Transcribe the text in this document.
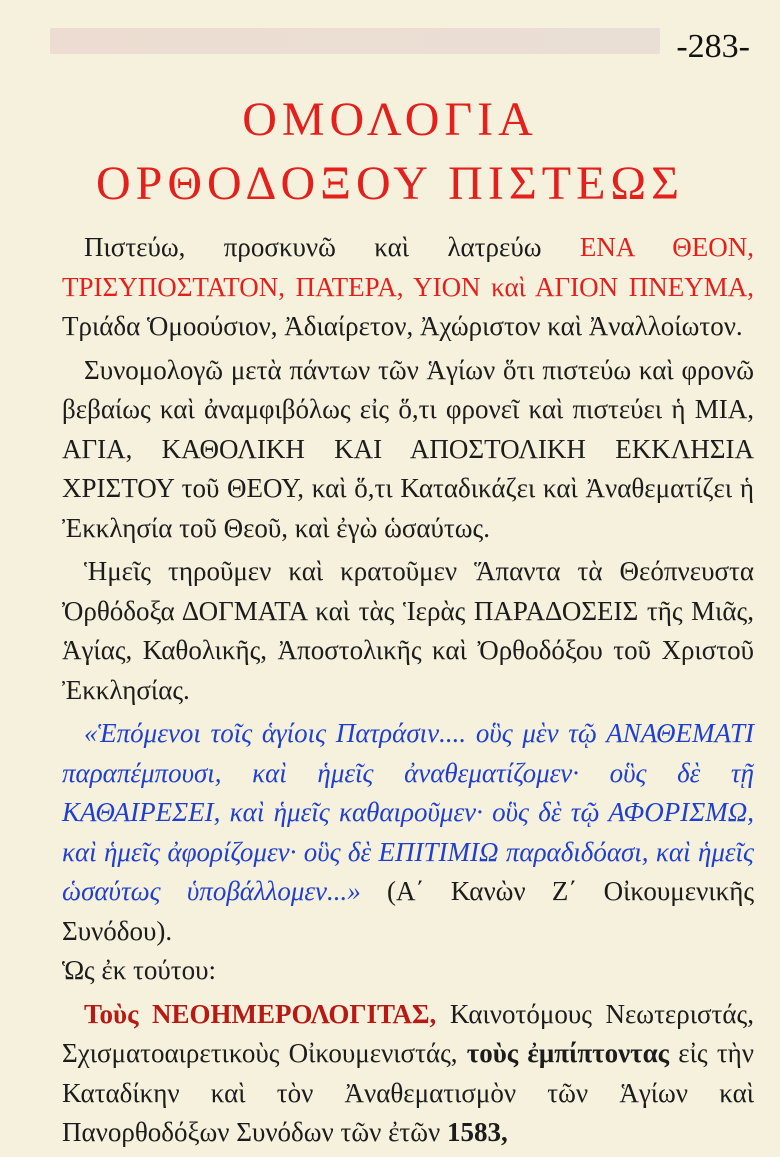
-283-
ΟΜΟΛΟΓΙΑ
ΟΡΘΟΔΟΞΟΥ ΠΙΣΤΕΩΣ

Πιστεύω, προσκυνῶ καὶ λατρεύω ΕΝΑ ΘΕΟΝ, ΤΡΙΣΥΠΟΣΤΑΤΟΝ, ΠΑΤΕΡΑ, ΥΙΟΝ καὶ ΑΓΙΟΝ ΠΝΕΥΜΑ, Τριάδα Ὁμοούσιον, Ἀδιαίρετον, Ἀχώριστον καὶ Ἀναλλοίωτον.

Συνομολογῶ μετὰ πάντων τῶν Ἁγίων ὅτι πιστεύω καὶ φρονῶ βεβαίως καὶ ἀναμφιβόλως εἰς ὅ,τι φρονεῖ καὶ πιστεύει ἡ ΜΙΑ, ΑΓΙΑ, ΚΑΘΟΛΙΚΗ ΚΑΙ ΑΠΟΣΤΟΛΙΚΗ ΕΚΚΛΗΣΙΑ ΧΡΙΣΤΟΥ τοῦ ΘΕΟΥ, καὶ ὅ,τι Καταδικάζει καὶ Ἀναθεματίζει ἡ Ἐκκλησία τοῦ Θεοῦ, καὶ ἐγὼ ὡσαύτως.

Ἡμεῖς τηροῦμεν καὶ κρατοῦμεν Ἅπαντα τὰ Θεόπνευστα Ὀρθόδοξα ΔΟΓΜΑΤΑ καὶ τὰς Ἱερὰς ΠΑΡΑΔΟΣΕΙΣ τῆς Μιᾶς, Ἁγίας, Καθολικῆς, Ἀποστολικῆς καὶ Ὀρθοδόξου τοῦ Χριστοῦ Ἐκκλησίας.

«Ἑπόμενοι τοῖς ἁγίοις Πατράσιν.... οὓς μὲν τῷ ΑΝΑΘΕΜΑΤΙ παραπέμπουσι, καὶ ἡμεῖς ἀναθεματίζομεν· οὓς δὲ τῇ ΚΑΘΑΙΡΕΣΕΙ, καὶ ἡμεῖς καθαιροῦμεν· οὓς δὲ τῷ ΑΦΟΡΙΣΜΩ, καὶ ἡμεῖς ἀφορίζομεν· οὓς δὲ ΕΠΙΤΙΜΙΩ παραδιδόασι, καὶ ἡμεῖς ὡσαύτως ὑποβάλλομεν...» (Α΄ Κανὼν Ζ΄ Οἰκουμενικῆς Συνόδου).

Ὡς ἐκ τούτου:

Τοὺς ΝΕΟΗΜΕΡΟΛΟΓΙΤΑΣ, Καινοτόμους Νεωτεριστάς, Σχισματοαιρετικοὺς Οἰκουμενιστάς, τοὺς ἐμπίπτοντας εἰς τὴν Καταδίκην καὶ τὸν Ἀναθεματισμὸν τῶν Ἁγίων καὶ Πανορθοδόξων Συνόδων τῶν ἐτῶν 1583,
